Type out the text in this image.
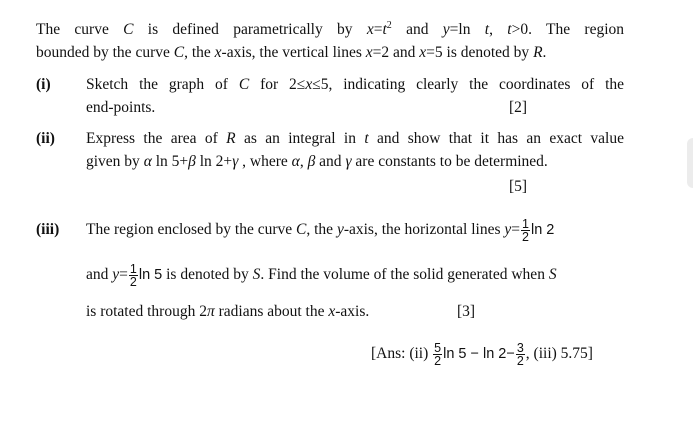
The curve C is defined parametrically by $x=t^2$ and y=ln t, t>0. The region
bounded by the curve C, the x-axis, the vertical lines x=2 and x=5 is denoted by R.
(i) Sketch the graph of C for 2≤x≤5, indicating clearly the coordinates of the
end-points.	[2]
(ii) Express the area of R as an integral in t and show that it has an exact value
given by α ln 5+β ln 2+γ , where α, β and γ are constants to be determined.
[5]
(iii) The region enclosed by the curve C, the y-axis, the horizontal lines $y= \frac{1}{2}$ ln 2
and $y= \frac{1}{2}$ ln 5 is denoted by S. Find the volume of the solid generated when S
is rotated through 2π radians about the x-axis.	[3]
[Ans: $(ii) \frac{5}{2}$ $\ln 5 - \ln 2- \frac{3}{2}$ , (iii) 5.75]
